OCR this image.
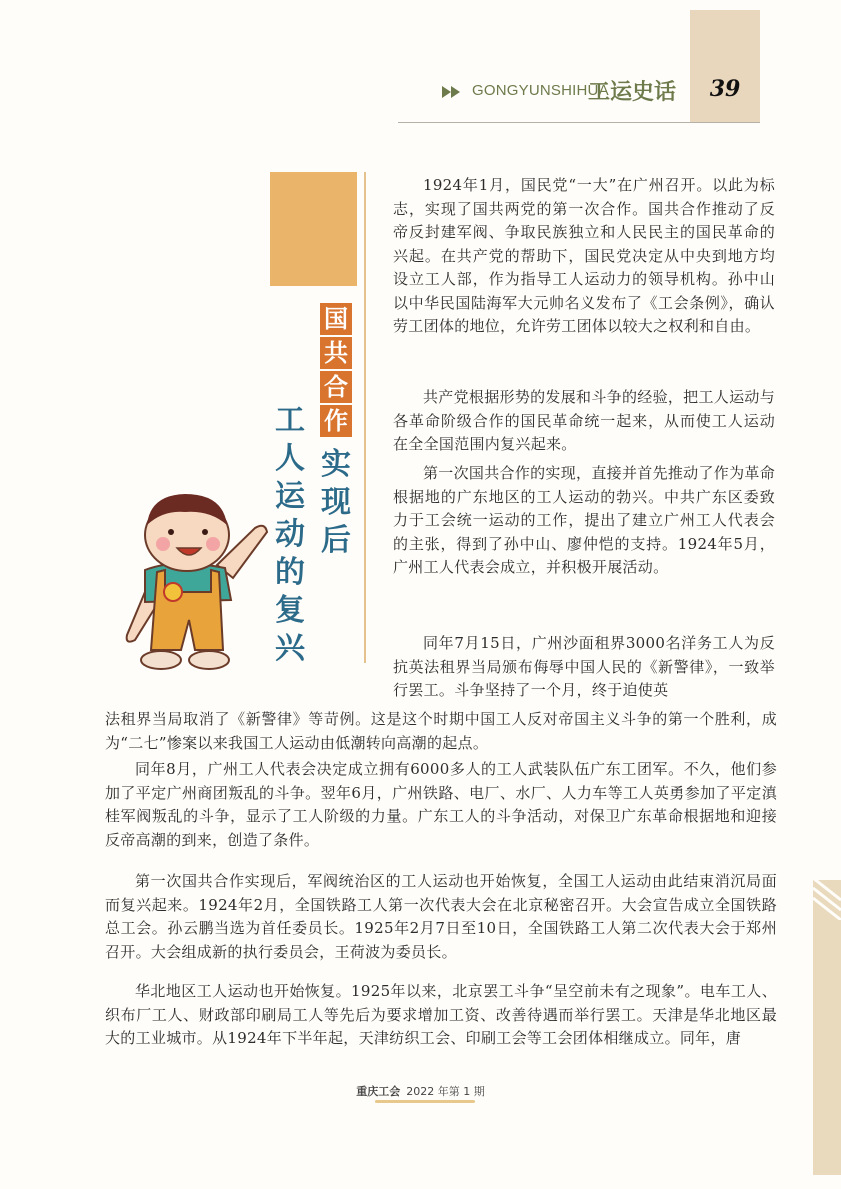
39
GONGYUNSHIHUA
工运史话
国
共
合
作
实
现
后
工
人
运
动
的
复
兴
1924年1月，国民党“一大”在广州召开。以此为标志，实现了国共两党的第一次合作。国共合作推动了反帝反封建军阀、争取民族独立和人民民主的国民革命的兴起。在共产党的帮助下，国民党决定从中央到地方均设立工人部，作为指导工人运动力的领导机构。孙中山以中华民国陆海军大元帅名义发布了《工会条例》，确认劳工团体的地位，允许劳工团体以较大之权利和自由。
共产党根据形势的发展和斗争的经验，把工人运动与各革命阶级合作的国民革命统一起来，从而使工人运动在全全国范围内复兴起来。
第一次国共合作的实现，直接并首先推动了作为革命根据地的广东地区的工人运动的勃兴。中共广东区委致力于工会统一运动的工作，提出了建立广州工人代表会的主张，得到了孙中山、廖仲恺的支持。1924年5月，广州工人代表会成立，并积极开展活动。
同年7月15日，广州沙面租界3000名洋务工人为反抗英法租界当局颁布侮辱中国人民的《新警律》，一致举行罢工。斗争坚持了一个月，终于迫使英
法租界当局取消了《新警律》等苛例。这是这个时期中国工人反对帝国主义斗争的第一个胜利，成为“二七”惨案以来我国工人运动由低潮转向高潮的起点。
同年8月，广州工人代表会决定成立拥有6000多人的工人武装队伍广东工团军。不久，他们参加了平定广州商团叛乱的斗争。翌年6月，广州铁路、电厂、水厂、人力车等工人英勇参加了平定滇桂军阀叛乱的斗争，显示了工人阶级的力量。广东工人的斗争活动，对保卫广东革命根据地和迎接反帝高潮的到来，创造了条件。
第一次国共合作实现后，军阀统治区的工人运动也开始恢复，全国工人运动由此结束消沉局面而复兴起来。1924年2月，全国铁路工人第一次代表大会在北京秘密召开。大会宣告成立全国铁路总工会。孙云鹏当选为首任委员长。1925年2月7日至10日，全国铁路工人第二次代表大会于郑州召开。大会组成新的执行委员会，王荷波为委员长。
华北地区工人运动也开始恢复。1925年以来，北京罢工斗争“呈空前未有之现象”。电车工人、织布厂工人、财政部印刷局工人等先后为要求增加工资、改善待遇而举行罢工。天津是华北地区最大的工业城市。从1924年下半年起，天津纺织工会、印刷工会等工会团体相继成立。同年，唐
重庆工会 2022 年第 1 期
